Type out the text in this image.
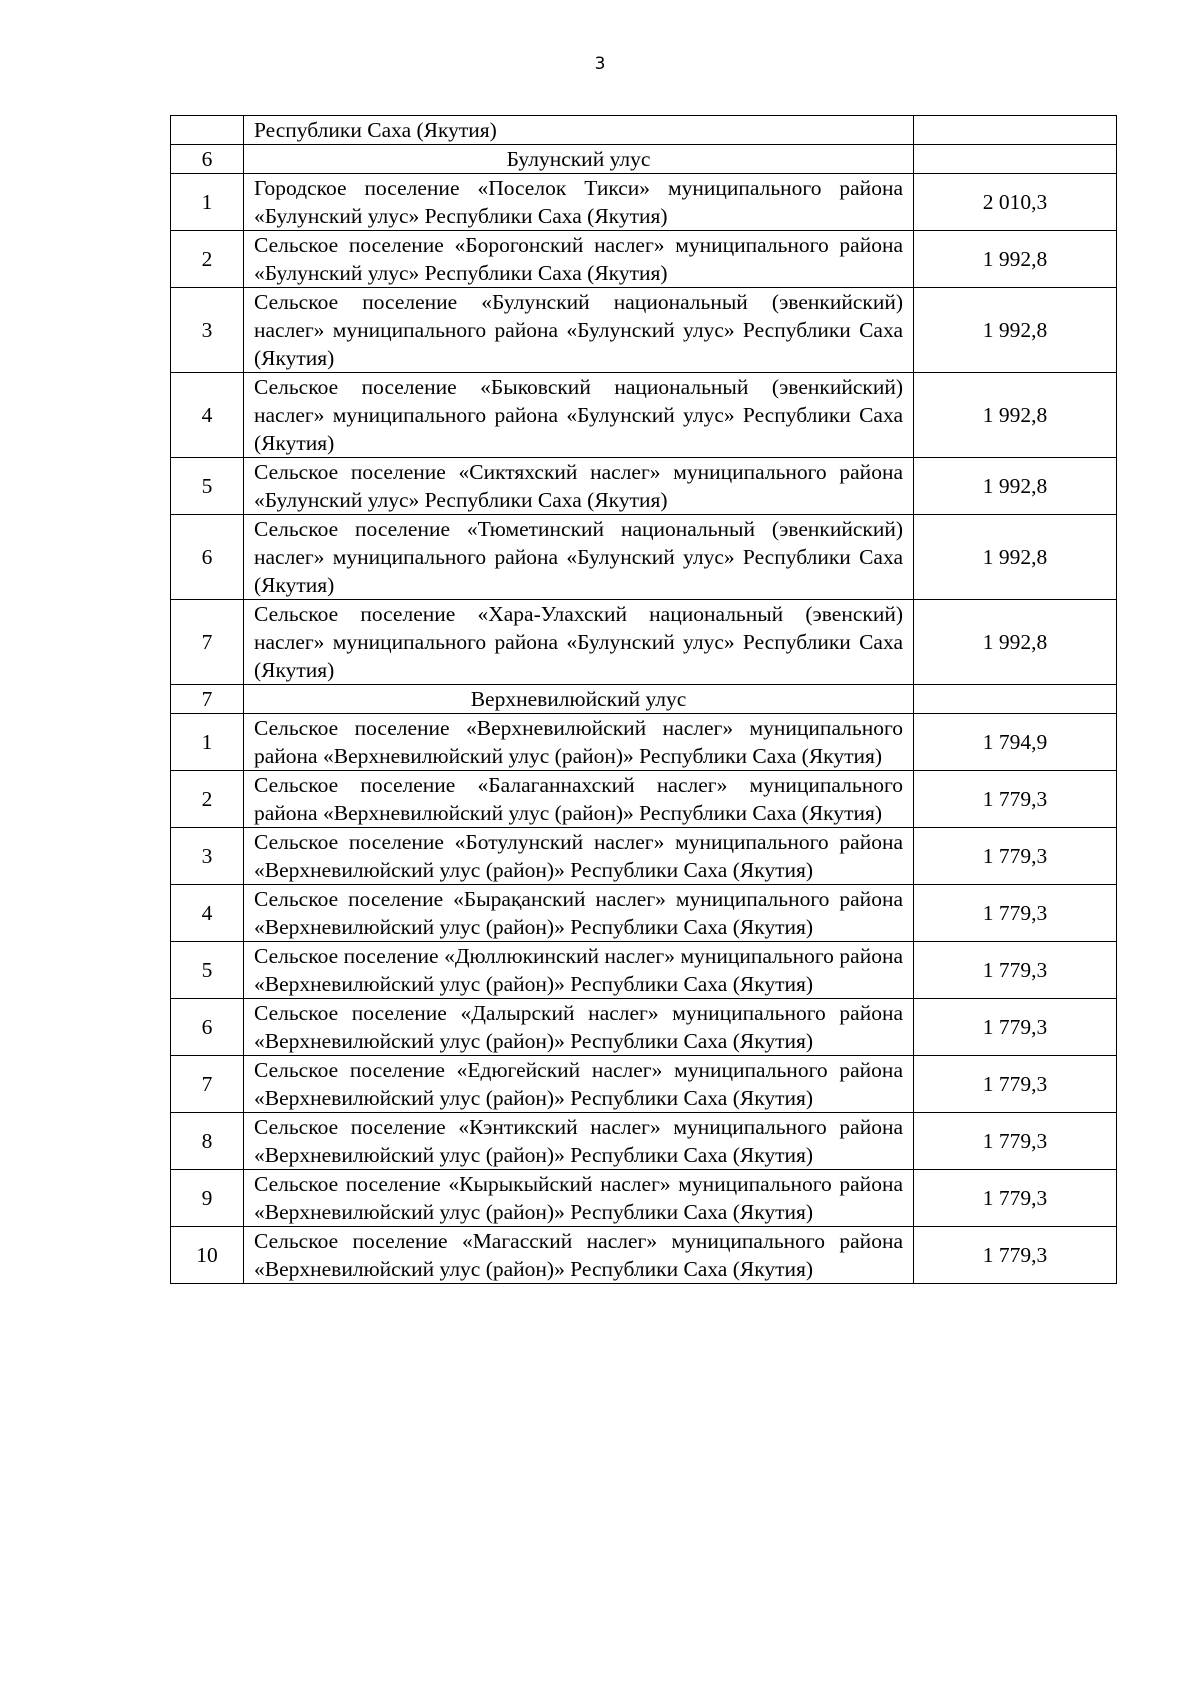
3
	Республики Саха (Якутия)	
6	Булунский улус	
1	Городское поселение «Поселок Тикси» муниципального района «Булунский улус» Республики Саха (Якутия)	2 010,3
2	Сельское поселение «Борогонский наслег» муниципального района «Булунский улус» Республики Саха (Якутия)	1 992,8
3	Сельское поселение «Булунский национальный (эвенкийский) наслег» муниципального района «Булунский улус» Республики Саха (Якутия)	1 992,8
4	Сельское поселение «Быковский национальный (эвенкийский) наслег» муниципального района «Булунский улус» Республики Саха (Якутия)	1 992,8
5	Сельское поселение «Сиктяхский наслег» муниципального района «Булунский улус» Республики Саха (Якутия)	1 992,8
6	Сельское поселение «Тюметинский национальный (эвенкийский) наслег» муниципального района «Булунский улус» Республики Саха (Якутия)	1 992,8
7	Сельское поселение «Хара-Улахский национальный (эвенский) наслег» муниципального района «Булунский улус» Республики Саха (Якутия)	1 992,8
7	Верхневилюйский улус	
1	Сельское поселение «Верхневилюйский наслег» муниципального района «Верхневилюйский улус (район)» Республики Саха (Якутия)	1 794,9
2	Сельское поселение «Балаганнахский наслег» муниципального района «Верхневилюйский улус (район)» Республики Саха (Якутия)	1 779,3
3	Сельское поселение «Ботулунский наслег» муниципального района «Верхневилюйский улус (район)» Республики Саха (Якутия)	1 779,3
4	Сельское поселение «Бырақанский наслег» муниципального района «Верхневилюйский улус (район)» Республики Саха (Якутия)	1 779,3
5	Сельское поселение «Дюллюкинский наслег» муниципального района «Верхневилюйский улус (район)» Республики Саха (Якутия)	1 779,3
6	Сельское поселение «Далырский наслег» муниципального района «Верхневилюйский улус (район)» Республики Саха (Якутия)	1 779,3
7	Сельское поселение «Едюгейский наслег» муниципального района «Верхневилюйский улус (район)» Республики Саха (Якутия)	1 779,3
8	Сельское поселение «Кэнтикский наслег» муниципального района «Верхневилюйский улус (район)» Республики Саха (Якутия)	1 779,3
9	Сельское поселение «Кырыкыйский наслег» муниципального района «Верхневилюйский улус (район)» Республики Саха (Якутия)	1 779,3
10	Сельское поселение «Магасский наслег» муниципального района «Верхневилюйский улус (район)» Республики Саха (Якутия)	1 779,3
